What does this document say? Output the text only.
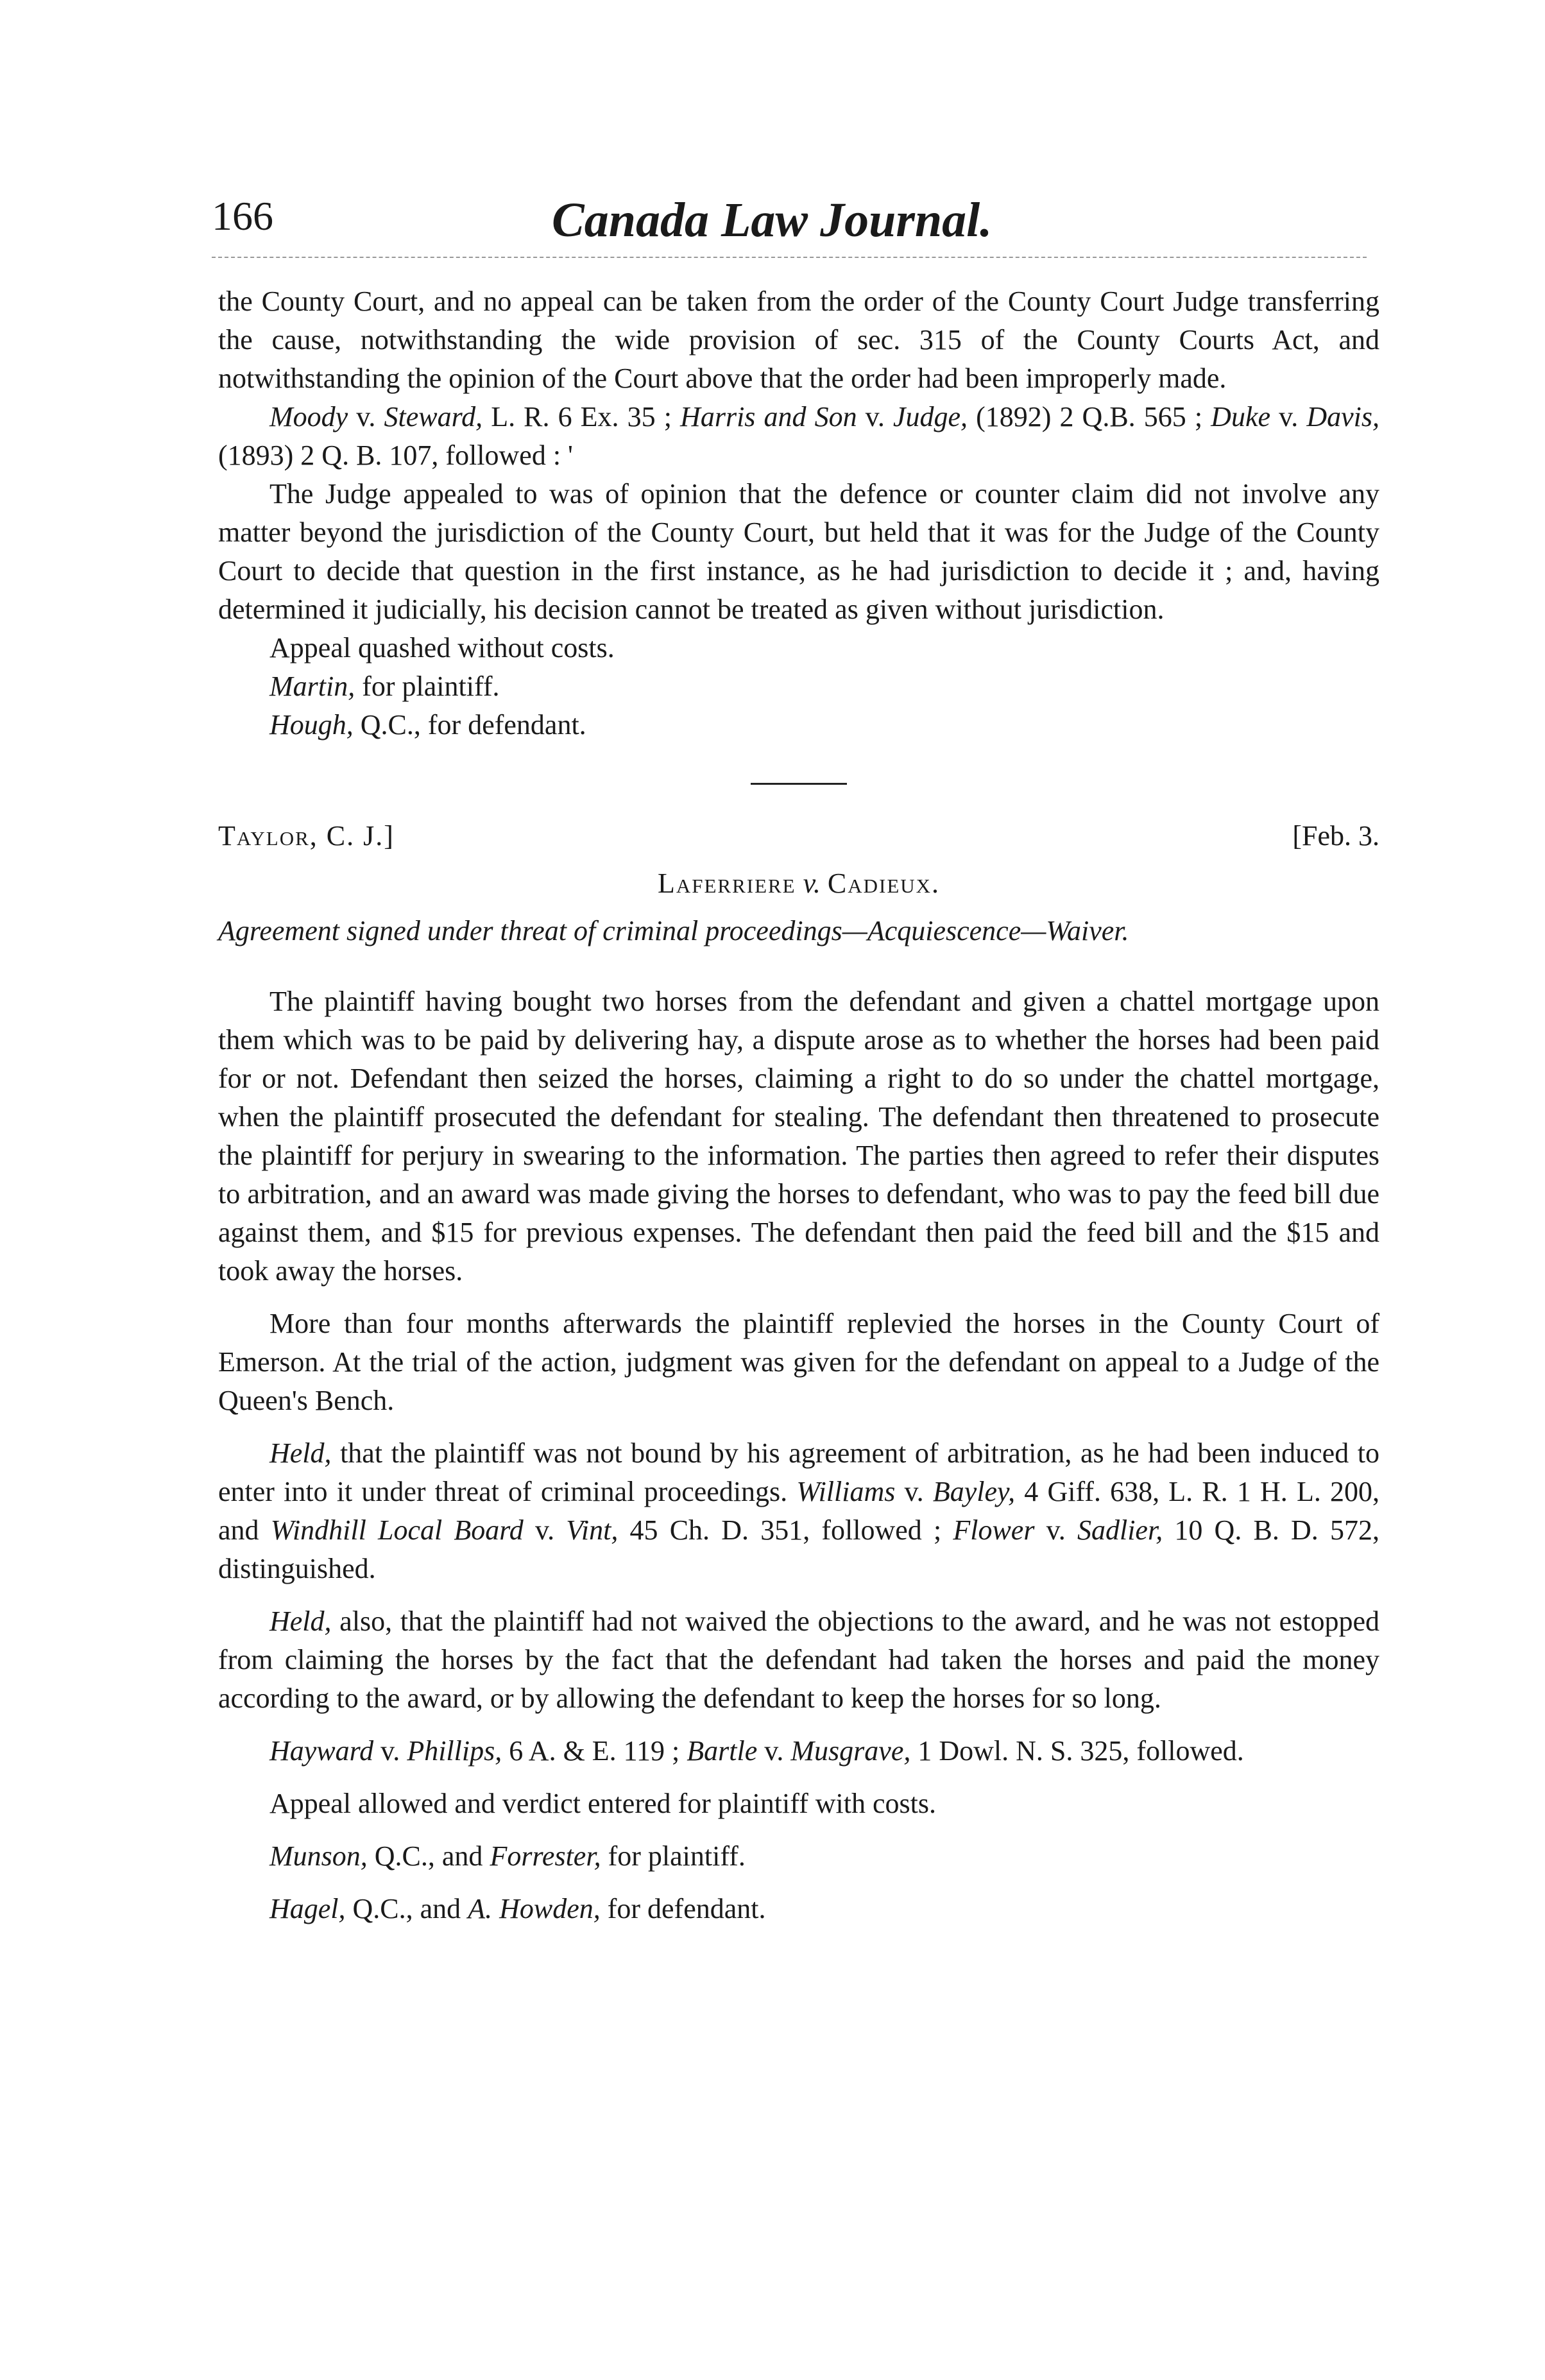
166	Canada Law Journal.

the County Court, and no appeal can be taken from the order of the County Court Judge transferring the cause, notwithstanding the wide provision of sec. 315 of the County Courts Act, and notwithstanding the opinion of the Court above that the order had been improperly made.

Moody v. Steward, L. R. 6 Ex. 35 ; Harris and Son v. Judge, (1892) 2 Q.B. 565 ; Duke v. Davis, (1893) 2 Q. B. 107, followed : '

The Judge appealed to was of opinion that the defence or counter claim did not involve any matter beyond the jurisdiction of the County Court, but held that it was for the Judge of the County Court to decide that question in the first instance, as he had jurisdiction to decide it ; and, having determined it judicially, his decision cannot be treated as given without jurisdiction.

Appeal quashed without costs.

Martin, for plaintiff.

Hough, Q.C., for defendant.

Taylor, C. J.]	[Feb. 3.
Laferriere v. Cadieux.

Agreement signed under threat of criminal proceedings—Acquiescence—Waiver.

The plaintiff having bought two horses from the defendant and given a chattel mortgage upon them which was to be paid by delivering hay, a dispute arose as to whether the horses had been paid for or not. Defendant then seized the horses, claiming a right to do so under the chattel mortgage, when the plaintiff prosecuted the defendant for stealing. The defendant then threatened to prosecute the plaintiff for perjury in swearing to the information. The parties then agreed to refer their disputes to arbitration, and an award was made giving the horses to defendant, who was to pay the feed bill due against them, and $15 for previous expenses. The defendant then paid the feed bill and the $15 and took away the horses.

More than four months afterwards the plaintiff replevied the horses in the County Court of Emerson. At the trial of the action, judgment was given for the defendant on appeal to a Judge of the Queen's Bench.

Held, that the plaintiff was not bound by his agreement of arbitration, as he had been induced to enter into it under threat of criminal proceedings. Williams v. Bayley, 4 Giff. 638, L. R. 1 H. L. 200, and Windhill Local Board v. Vint, 45 Ch. D. 351, followed ; Flower v. Sadlier, 10 Q. B. D. 572, distinguished.

Held, also, that the plaintiff had not waived the objections to the award, and he was not estopped from claiming the horses by the fact that the defendant had taken the horses and paid the money according to the award, or by allowing the defendant to keep the horses for so long.

Hayward v. Phillips, 6 A. & E. 119 ; Bartle v. Musgrave, 1 Dowl. N. S. 325, followed.

Appeal allowed and verdict entered for plaintiff with costs.

Munson, Q.C., and Forrester, for plaintiff.

Hagel, Q.C., and A. Howden, for defendant.
